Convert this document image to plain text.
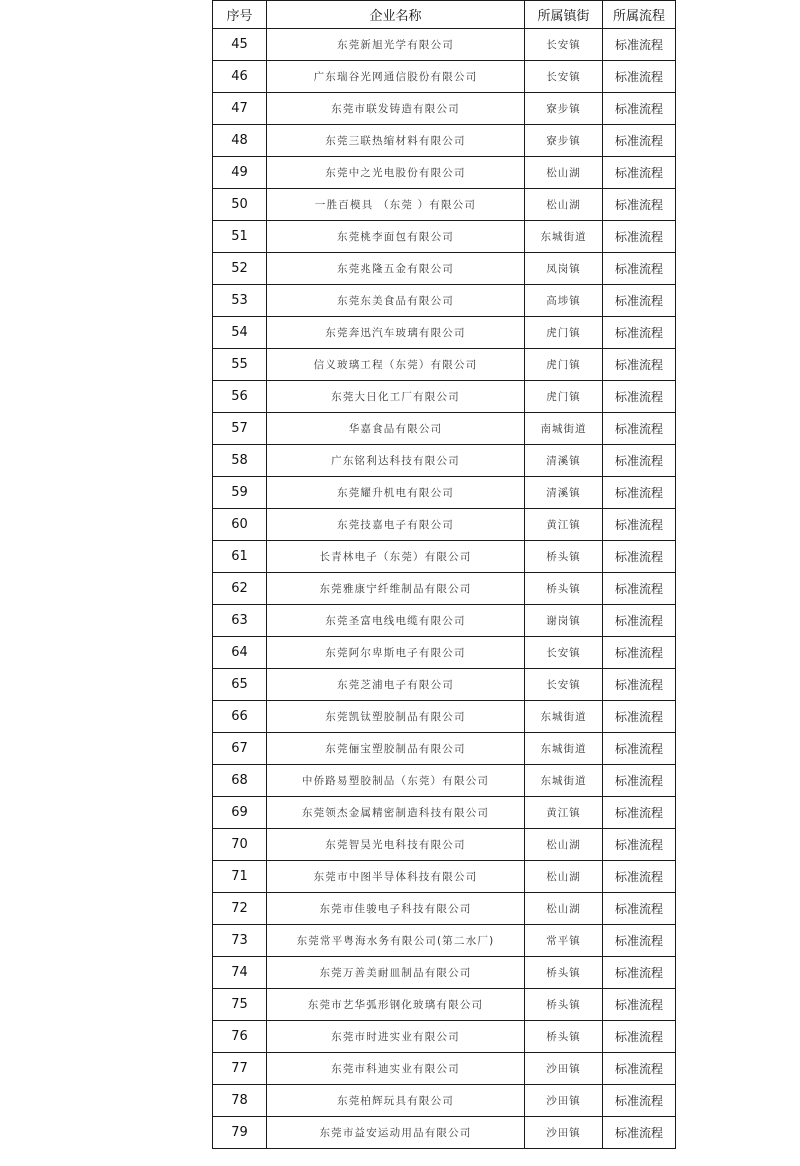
序号	企业名称	所属镇街	所属流程
45	东莞新旭光学有限公司	长安镇	标准流程
46	广东瑞谷光网通信股份有限公司	长安镇	标准流程
47	东莞市联发铸造有限公司	寮步镇	标准流程
48	东莞三联热缩材料有限公司	寮步镇	标准流程
49	东莞中之光电股份有限公司	松山湖	标准流程
50	一胜百模具 （东莞 ）有限公司	松山湖	标准流程
51	东莞桃李面包有限公司	东城街道	标准流程
52	东莞兆隆五金有限公司	凤岗镇	标准流程
53	东莞东美食品有限公司	高埗镇	标准流程
54	东莞奔迅汽车玻璃有限公司	虎门镇	标准流程
55	信义玻璃工程（东莞）有限公司	虎门镇	标准流程
56	东莞大日化工厂有限公司	虎门镇	标准流程
57	华嘉食品有限公司	南城街道	标准流程
58	广东铭利达科技有限公司	清溪镇	标准流程
59	东莞耀升机电有限公司	清溪镇	标准流程
60	东莞技嘉电子有限公司	黄江镇	标准流程
61	长青林电子（东莞）有限公司	桥头镇	标准流程
62	东莞雅康宁纤维制品有限公司	桥头镇	标准流程
63	东莞圣富电线电缆有限公司	谢岗镇	标准流程
64	东莞阿尔卑斯电子有限公司	长安镇	标准流程
65	东莞芝浦电子有限公司	长安镇	标准流程
66	东莞凯钛塑胶制品有限公司	东城街道	标准流程
67	东莞俪宝塑胶制品有限公司	东城街道	标准流程
68	中侨路易塑胶制品（东莞）有限公司	东城街道	标准流程
69	东莞领杰金属精密制造科技有限公司	黄江镇	标准流程
70	东莞智昊光电科技有限公司	松山湖	标准流程
71	东莞市中图半导体科技有限公司	松山湖	标准流程
72	东莞市佳骏电子科技有限公司	松山湖	标准流程
73	东莞常平粤海水务有限公司(第二水厂)	常平镇	标准流程
74	东莞万善美耐皿制品有限公司	桥头镇	标准流程
75	东莞市艺华弧形钢化玻璃有限公司	桥头镇	标准流程
76	东莞市时进实业有限公司	桥头镇	标准流程
77	东莞市科迪实业有限公司	沙田镇	标准流程
78	东莞柏辉玩具有限公司	沙田镇	标准流程
79	东莞市益安运动用品有限公司	沙田镇	标准流程
